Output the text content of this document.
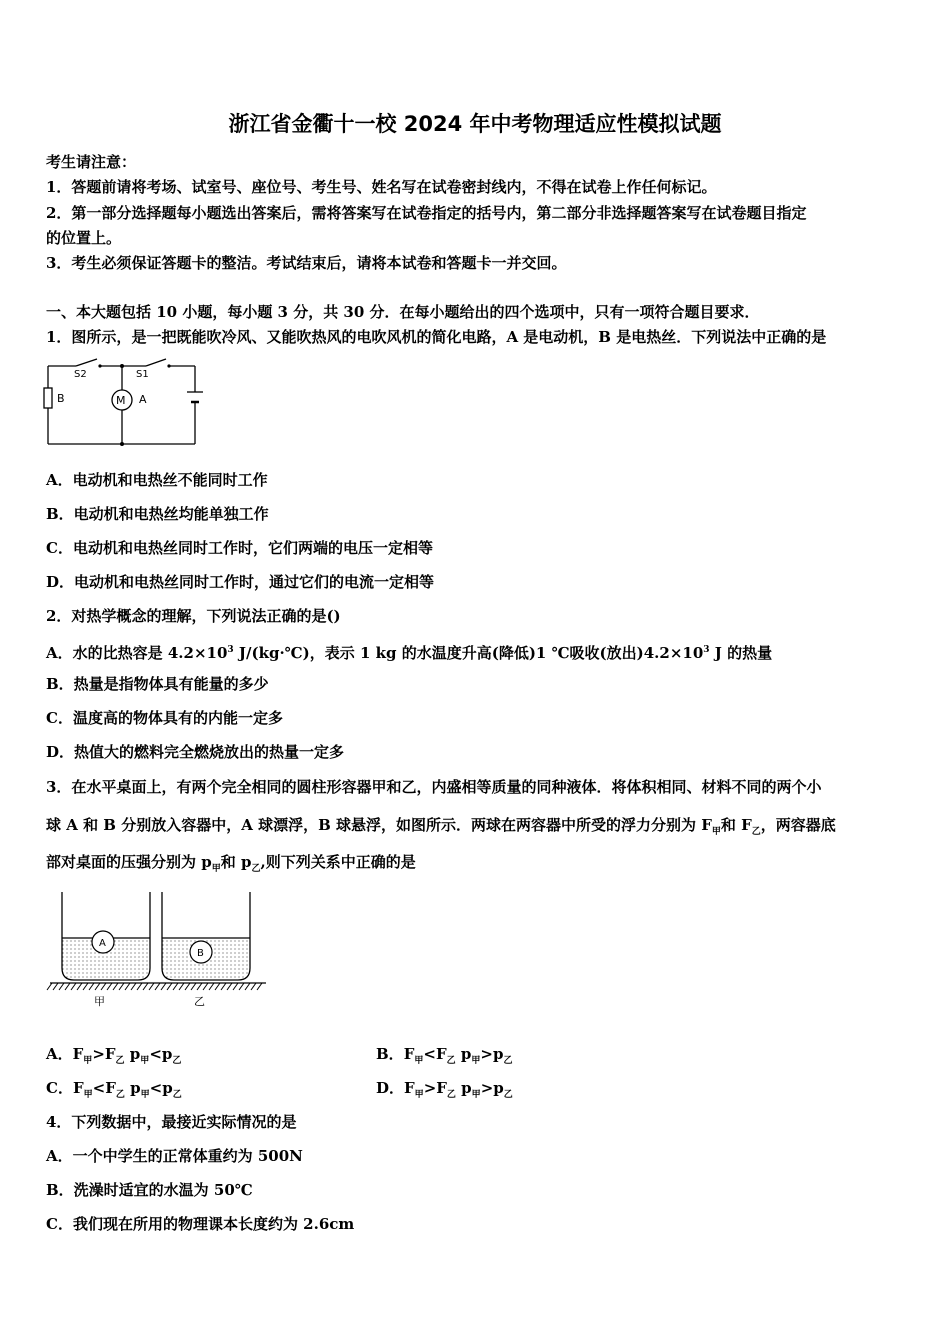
浙江省金衢十一校 2024 年中考物理适应性模拟试题
考生请注意：
1．答题前请将考场、试室号、座位号、考生号、姓名写在试卷密封线内，不得在试卷上作任何标记。
2．第一部分选择题每小题选出答案后，需将答案写在试卷指定的括号内，第二部分非选择题答案写在试卷题目指定
的位置上。
3．考生必须保证答题卡的整洁。考试结束后，请将本试卷和答题卡一并交回。
一、本大题包括 10 小题，每小题 3 分，共 30 分．在每小题给出的四个选项中，只有一项符合题目要求．
1．图所示，是一把既能吹冷风、又能吹热风的电吹风机的简化电路，A 是电动机，B 是电热丝．下列说法中正确的是
S2	S1
B	M A
A．电动机和电热丝不能同时工作
B．电动机和电热丝均能单独工作
C．电动机和电热丝同时工作时，它们两端的电压一定相等
D．电动机和电热丝同时工作时，通过它们的电流一定相等
2．对热学概念的理解，下列说法正确的是()
A．水的比热容是 $4.2\times 10^3$ J/(kg·℃)，表示 1 kg 的水温度升高(降低)1 ℃吸收(放出)$4.2\times 10^3$ J 的热量
B．热量是指物体具有能量的多少
C．温度高的物体具有的内能一定多
D．热值大的燃料完全燃烧放出的热量一定多
3．在水平桌面上，有两个完全相同的圆柱形容器甲和乙，内盛相等质量的同种液体．将体积相同、材料不同的两个小
球 A 和 B 分别放入容器中，A 球漂浮，B 球悬浮，如图所示．两球在两容器中所受的浮力分别为 $F_甲$和 $F_乙$，两容器底
部对桌面的压强分别为 $p_甲$和 $p_乙$,则下列关系中正确的是
A
B
甲	乙
A．$F_甲>F_乙$ $p_甲<p_乙$	B．$F_甲<F_乙$ $p_甲>p_乙$
C．$F_甲<F_乙$ $p_甲<p_乙$	D．$F_甲>F_乙$ $p_甲>p_乙$
4．下列数据中，最接近实际情况的是
A．一个中学生的正常体重约为 500N
B．洗澡时适宜的水温为 50℃
C．我们现在所用的物理课本长度约为 2.6cm
